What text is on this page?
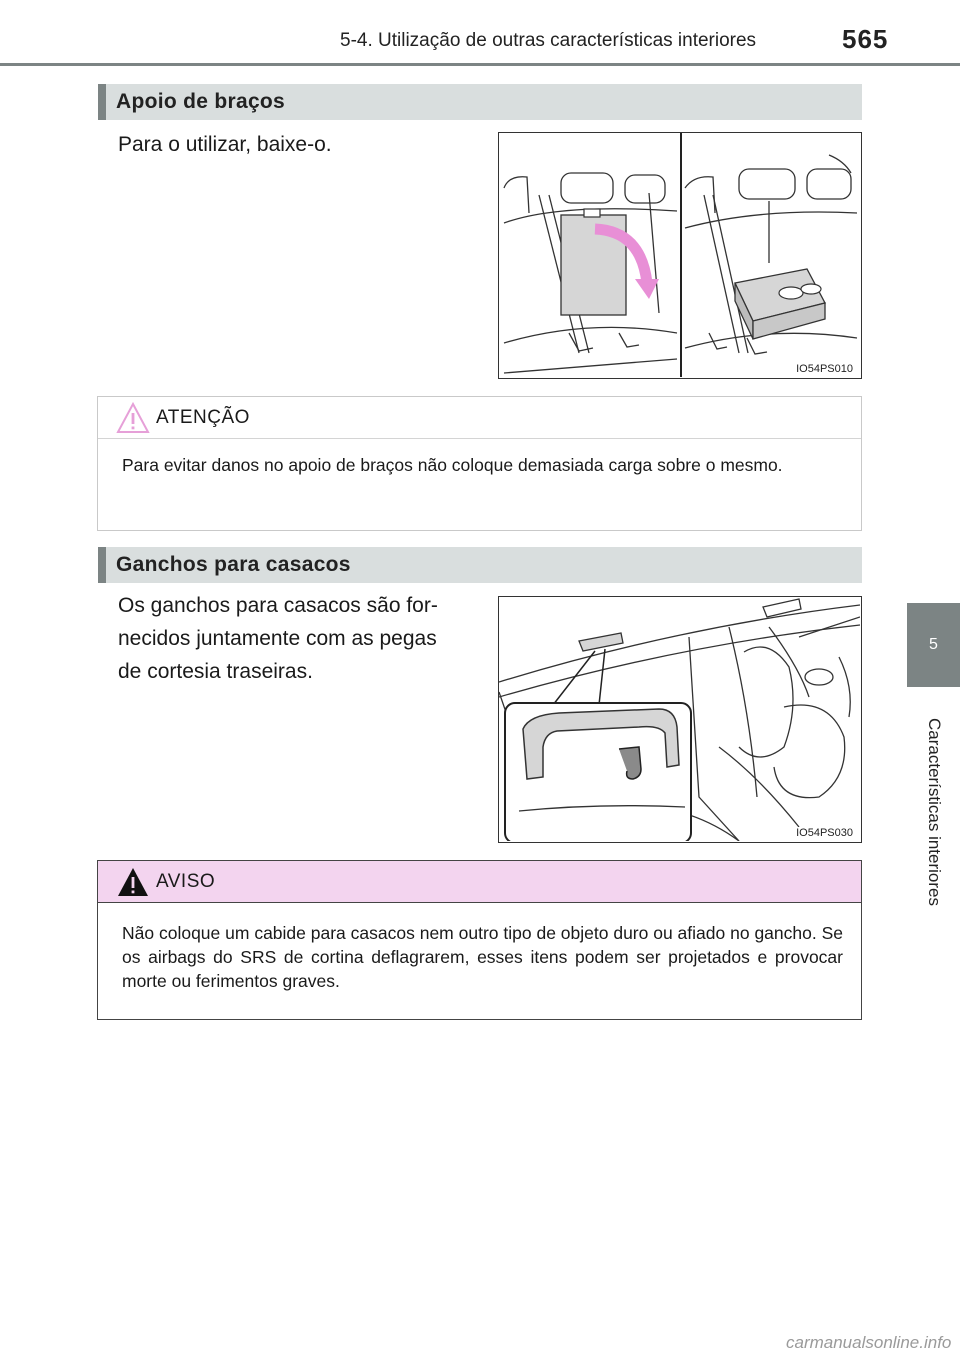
5-4. Utilização de outras características interiores	565
5
Características interiores
Apoio de braços
Para o utilizar, baixe-o.
IO54PS010
ATENÇÃO
Para evitar danos no apoio de braços não coloque demasiada carga sobre o mesmo.
Ganchos para casacos
Os ganchos para casacos são for-
necidos juntamente com as pegas
de cortesia traseiras.
IO54PS030
AVISO
Não coloque um cabide para casacos nem outro tipo de objeto duro ou afiado no gancho. Se os airbags do SRS de cortina deflagrarem, esses itens podem ser projetados e provocar morte ou ferimentos graves.
carmanualsonline.info
